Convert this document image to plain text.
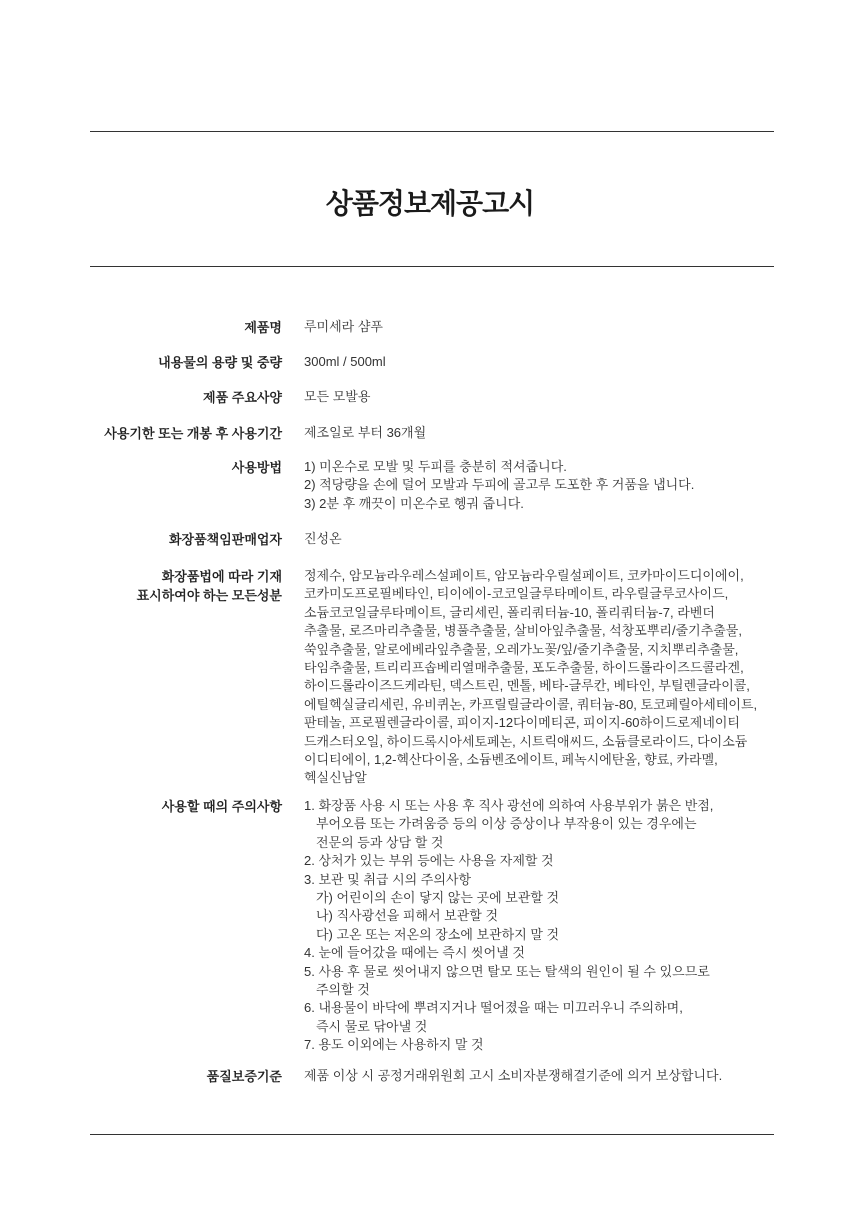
상품정보제공고시
제품명 루미세라 샴푸
내용물의 용량 및 중량 300ml / 500ml
제품 주요사양 모든 모발용
사용기한 또는 개봉 후 사용기간 제조일로 부터 36개월
사용방법 1) 미온수로 모발 및 두피를 충분히 적셔줍니다.
2) 적당량을 손에 덜어 모발과 두피에 골고루 도포한 후 거품을 냅니다.
3) 2분 후 깨끗이 미온수로 헹궈 줍니다.
화장품책임판매업자 진성온
화장품법에 따라 기재
표시하여야 하는 모든성분
정제수, 암모늄라우레스설페이트, 암모늄라우릴설페이트, 코카마이드디이에이,
코카미도프로필베타인, 티이에이-코코일글루타메이트, 라우릴글루코사이드,
소듐코코일글루타메이트, 글리세린, 폴리쿼터늄-10, 폴리쿼터늄-7, 라벤더
추출물, 로즈마리추출물, 병풀추출물, 살비아잎추출물, 석창포뿌리/줄기추출물,
쑥잎추출물, 알로에베라잎추출물, 오레가노꽃/잎/줄기추출물, 지치뿌리추출물,
타임추출물, 트리리프솝베리열매추출물, 포도추출물, 하이드롤라이즈드콜라겐,
하이드롤라이즈드케라틴, 덱스트린, 멘톨, 베타-글루칸, 베타인, 부틸렌글라이콜,
에틸헥실글리세린, 유비퀴논, 카프릴릴글라이콜, 쿼터늄-80, 토코페릴아세테이트,
판테놀, 프로필렌글라이콜, 피이지-12다이메티콘, 피이지-60하이드로제네이티
드캐스터오일, 하이드록시아세토페논, 시트릭애씨드, 소듐클로라이드, 다이소듐
이디티에이, 1,2-헥산다이올, 소듐벤조에이트, 페녹시에탄올, 향료, 카라멜,
헥실신남알
사용할 때의 주의사항 1. 화장품 사용 시 또는 사용 후 직사 광선에 의하여 사용부위가 붉은 반점,
부어오름 또는 가려움증 등의 이상 증상이나 부작용이 있는 경우에는
전문의 등과 상담 할 것
2. 상처가 있는 부위 등에는 사용을 자제할 것
3. 보관 및 취급 시의 주의사항
가) 어린이의 손이 닿지 않는 곳에 보관할 것
나) 직사광선을 피해서 보관할 것
다) 고온 또는 저온의 장소에 보관하지 말 것
4. 눈에 들어갔을 때에는 즉시 씻어낼 것
5. 사용 후 물로 씻어내지 않으면 탈모 또는 탈색의 원인이 될 수 있으므로
주의할 것
6. 내용물이 바닥에 뿌려지거나 떨어졌을 때는 미끄러우니 주의하며,
즉시 물로 닦아낼 것
7. 용도 이외에는 사용하지 말 것
품질보증기준 제품 이상 시 공정거래위원회 고시 소비자분쟁해결기준에 의거 보상합니다.
